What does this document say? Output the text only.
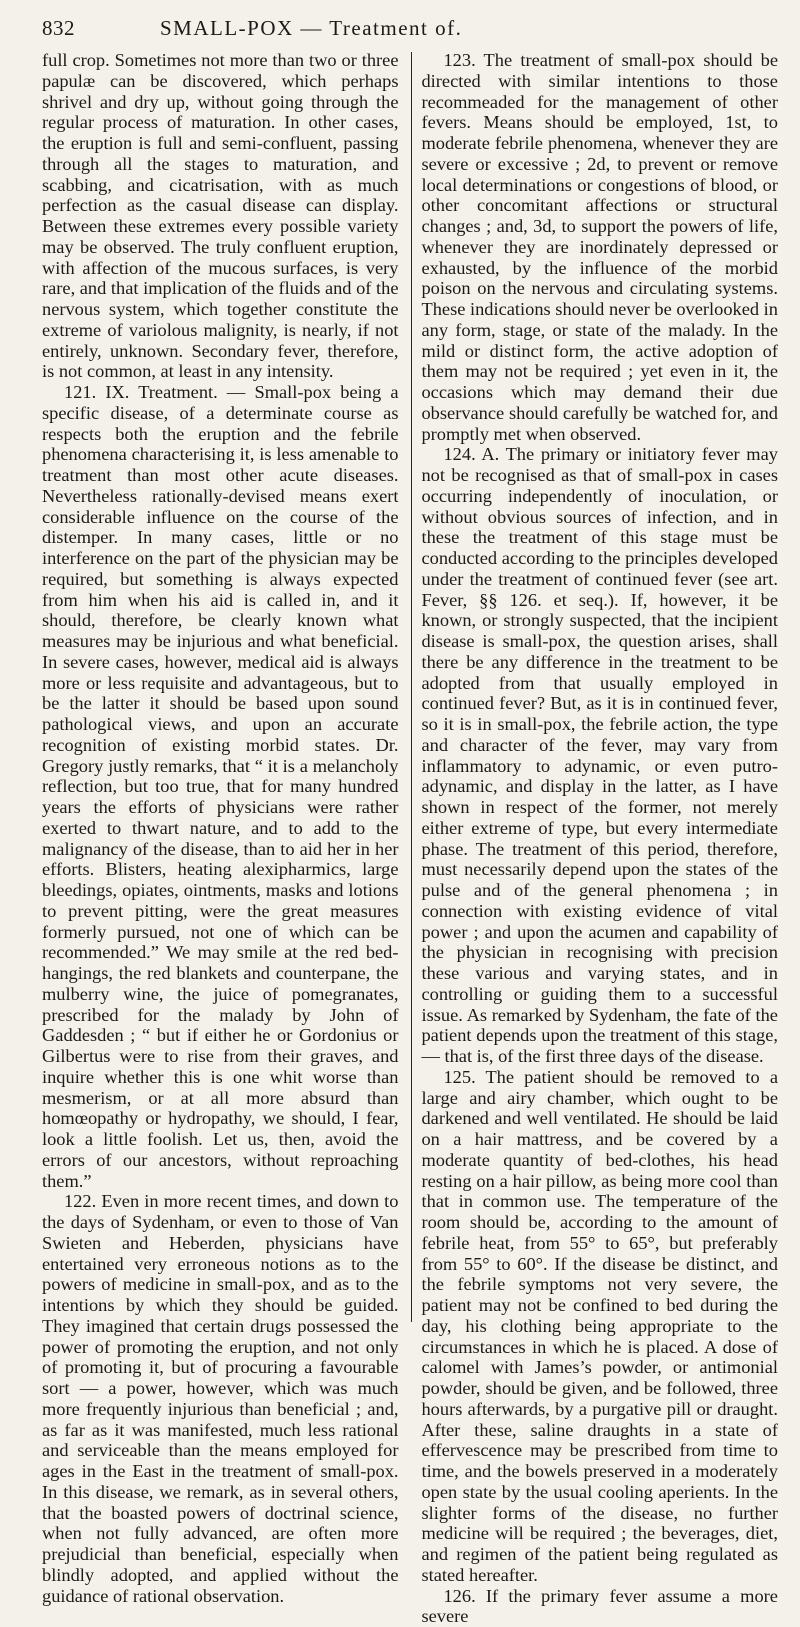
832	SMALL-POX — Treatment of.

full crop. Sometimes not more than two or three papulæ can be discovered, which perhaps shrivel and dry up, without going through the regular process of maturation. In other cases, the eruption is full and semi-confluent, passing through all the stages to maturation, and scabbing, and cicatrisation, with as much perfection as the casual disease can display. Between these extremes every possible variety may be observed. The truly confluent eruption, with affection of the mucous surfaces, is very rare, and that implication of the fluids and of the nervous system, which together constitute the extreme of variolous malignity, is nearly, if not entirely, unknown. Secondary fever, therefore, is not common, at least in any intensity.

121. IX. Treatment. — Small-pox being a specific disease, of a determinate course as respects both the eruption and the febrile phenomena characterising it, is less amenable to treatment than most other acute diseases. Nevertheless rationally-devised means exert considerable influence on the course of the distemper. In many cases, little or no interference on the part of the physician may be required, but something is always expected from him when his aid is called in, and it should, therefore, be clearly known what measures may be injurious and what beneficial. In severe cases, however, medical aid is always more or less requisite and advantageous, but to be the latter it should be based upon sound pathological views, and upon an accurate recognition of existing morbid states. Dr. Gregory justly remarks, that “ it is a melancholy reflection, but too true, that for many hundred years the efforts of physicians were rather exerted to thwart nature, and to add to the malignancy of the disease, than to aid her in her efforts. Blisters, heating alexipharmics, large bleedings, opiates, ointments, masks and lotions to prevent pitting, were the great measures formerly pursued, not one of which can be recommended.” We may smile at the red bed-hangings, the red blankets and counterpane, the mulberry wine, the juice of pomegranates, prescribed for the malady by John of Gaddesden ; “ but if either he or Gordonius or Gilbertus were to rise from their graves, and inquire whether this is one whit worse than mesmerism, or at all more absurd than homœopathy or hydropathy, we should, I fear, look a little foolish. Let us, then, avoid the errors of our ancestors, without reproaching them.”

122. Even in more recent times, and down to the days of Sydenham, or even to those of Van Swieten and Heberden, physicians have entertained very erroneous notions as to the powers of medicine in small-pox, and as to the intentions by which they should be guided. They imagined that certain drugs possessed the power of promoting the eruption, and not only of promoting it, but of procuring a favourable sort — a power, however, which was much more frequently injurious than beneficial ; and, as far as it was manifested, much less rational and serviceable than the means employed for ages in the East in the treatment of small-pox. In this disease, we remark, as in several others, that the boasted powers of doctrinal science, when not fully advanced, are often more prejudicial than beneficial, especially when blindly adopted, and applied without the guidance of rational observation.

123. The treatment of small-pox should be directed with similar intentions to those recommeaded for the management of other fevers. Means should be employed, 1st, to moderate febrile phenomena, whenever they are severe or excessive ; 2d, to prevent or remove local determinations or congestions of blood, or other concomitant affections or structural changes ; and, 3d, to support the powers of life, whenever they are inordinately depressed or exhausted, by the influence of the morbid poison on the nervous and circulating systems. These indications should never be overlooked in any form, stage, or state of the malady. In the mild or distinct form, the active adoption of them may not be required ; yet even in it, the occasions which may demand their due observance should carefully be watched for, and promptly met when observed.

124. A. The primary or initiatory fever may not be recognised as that of small-pox in cases occurring independently of inoculation, or without obvious sources of infection, and in these the treatment of this stage must be conducted according to the principles developed under the treatment of continued fever (see art. Fever, §§ 126. et seq.). If, however, it be known, or strongly suspected, that the incipient disease is small-pox, the question arises, shall there be any difference in the treatment to be adopted from that usually employed in continued fever? But, as it is in continued fever, so it is in small-pox, the febrile action, the type and character of the fever, may vary from inflammatory to adynamic, or even putro-adynamic, and display in the latter, as I have shown in respect of the former, not merely either extreme of type, but every intermediate phase. The treatment of this period, therefore, must necessarily depend upon the states of the pulse and of the general phenomena ; in connection with existing evidence of vital power ; and upon the acumen and capability of the physician in recognising with precision these various and varying states, and in controlling or guiding them to a successful issue. As remarked by Sydenham, the fate of the patient depends upon the treatment of this stage, — that is, of the first three days of the disease.

125. The patient should be removed to a large and airy chamber, which ought to be darkened and well ventilated. He should be laid on a hair mattress, and be covered by a moderate quantity of bed-clothes, his head resting on a hair pillow, as being more cool than that in common use. The temperature of the room should be, according to the amount of febrile heat, from 55° to 65°, but preferably from 55° to 60°. If the disease be distinct, and the febrile symptoms not very severe, the patient may not be confined to bed during the day, his clothing being appropriate to the circumstances in which he is placed. A dose of calomel with James’s powder, or antimonial powder, should be given, and be followed, three hours afterwards, by a purgative pill or draught. After these, saline draughts in a state of effervescence may be prescribed from time to time, and the bowels preserved in a moderately open state by the usual cooling aperients. In the slighter forms of the disease, no further medicine will be required ; the beverages, diet, and regimen of the patient being regulated as stated hereafter.

126. If the primary fever assume a more severe
